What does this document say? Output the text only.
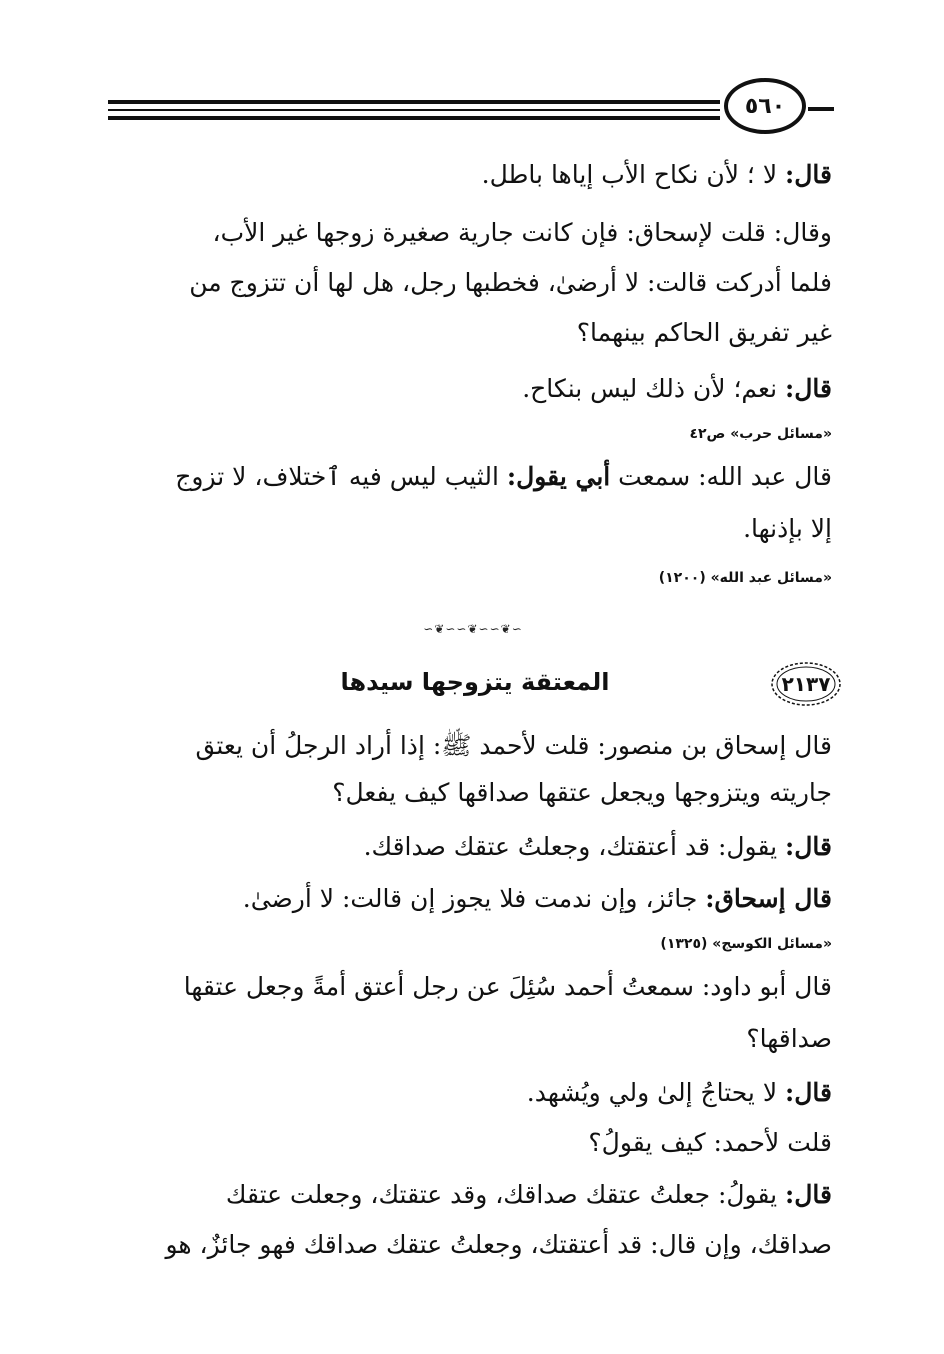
٥٦٠
قال: لا ؛ لأن نكاح الأب إياها باطل.
وقال: قلت لإسحاق: فإن كانت جارية صغيرة زوجها غير الأب،
فلما أدركت قالت: لا أرضىٰ، فخطبها رجل، هل لها أن تتزوج من
غير تفريق الحاكم بينهما؟
قال: نعم؛ لأن ذلك ليس بنكاح.
«مسائل حرب» ص٤٢
قال عبد الله: سمعت أبي يقول: الثيب ليس فيه ٱختلاف، لا تزوج
إلا بإذنها.
«مسائل عبد الله» (١٢٠٠)
∽❦∽∽❦∽∽❦∽
٢١٣٧
المعتقة يتزوجها سيدها
قال إسحاق بن منصور: قلت لأحمد ﷺ: إذا أراد الرجلُ أن يعتق
جاريته ويتزوجها ويجعل عتقها صداقها كيف يفعل؟
قال: يقول: قد أعتقتك، وجعلتُ عتقك صداقك.
قال إسحاق: جائز، وإن ندمت فلا يجوز إن قالت: لا أرضىٰ.
«مسائل الكوسج» (١٣٢٥)
قال أبو داود: سمعتُ أحمد سُئِلَ عن رجل أعتق أمةً وجعل عتقها
صداقها؟
قال: لا يحتاجُ إلىٰ ولي ويُشهد.
قلت لأحمد: كيف يقولُ؟
قال: يقولُ: جعلتُ عتقك صداقك، وقد عتقتك، وجعلت عتقك
صداقك، وإن قال: قد أعتقتك، وجعلتُ عتقك صداقك فهو جائزٌ، هو
